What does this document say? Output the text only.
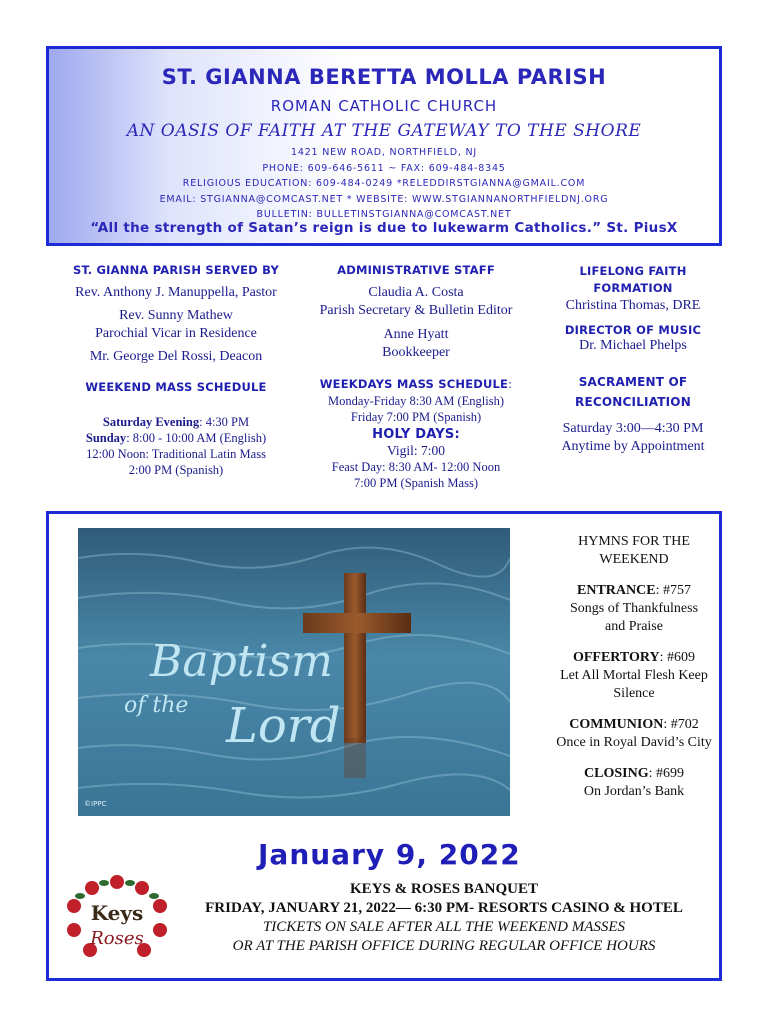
ST. GIANNA BERETTA MOLLA PARISH
ROMAN CATHOLIC CHURCH
AN OASIS OF FAITH AT THE GATEWAY TO THE SHORE
1421 NEW ROAD, NORTHFIELD, NJ
PHONE: 609-646-5611 ~ FAX: 609-484-8345
RELIGIOUS EDUCATION: 609-484-0249 *RELEDDIRSTGIANNA@GMAIL.COM
EMAIL: STGIANNA@COMCAST.NET * WEBSITE: WWW.STGIANNANORTHFIELDNJ.ORG
BULLETIN: BULLETINSTGIANNA@COMCAST.NET
“All the strength of Satan’s reign is due to lukewarm Catholics.” St. PiusX
ST. GIANNA PARISH SERVED BY
Rev. Anthony J. Manuppella, Pastor
Rev. Sunny Mathew
Parochial Vicar in Residence
Mr. George Del Rossi, Deacon
WEEKEND MASS SCHEDULE
Saturday Evening: 4:30 PM
Sunday: 8:00 - 10:00 AM (English)
12:00 Noon: Traditional Latin Mass
2:00 PM (Spanish)
ADMINISTRATIVE STAFF
Claudia A. Costa
Parish Secretary & Bulletin Editor
Anne Hyatt
Bookkeeper
WEEKDAYS MASS SCHEDULE:
Monday-Friday 8:30 AM (English)
Friday 7:00 PM (Spanish)
HOLY DAYS:
Vigil: 7:00
Feast Day: 8:30 AM- 12:00 Noon
7:00 PM (Spanish Mass)
LIFELONG FAITH FORMATION
Christina Thomas, DRE
DIRECTOR OF MUSIC
Dr. Michael Phelps
SACRAMENT OF RECONCILIATION
Saturday 3:00—4:30 PM
Anytime by Appointment
Baptism
of the Lord
©IPPC
HYMNS FOR THE
WEEKEND
ENTRANCE: #757
Songs of Thankfulness
and Praise
OFFERTORY: #609
Let All Mortal Flesh Keep
Silence
COMMUNION: #702
Once in Royal David’s City
CLOSING: #699
On Jordan’s Bank
January 9, 2022
Keys
Roses
KEYS & ROSES BANQUET
FRIDAY, JANUARY 21, 2022— 6:30 PM- RESORTS CASINO & HOTEL
TICKETS ON SALE AFTER ALL THE WEEKEND MASSES
OR AT THE PARISH OFFICE DURING REGULAR OFFICE HOURS
